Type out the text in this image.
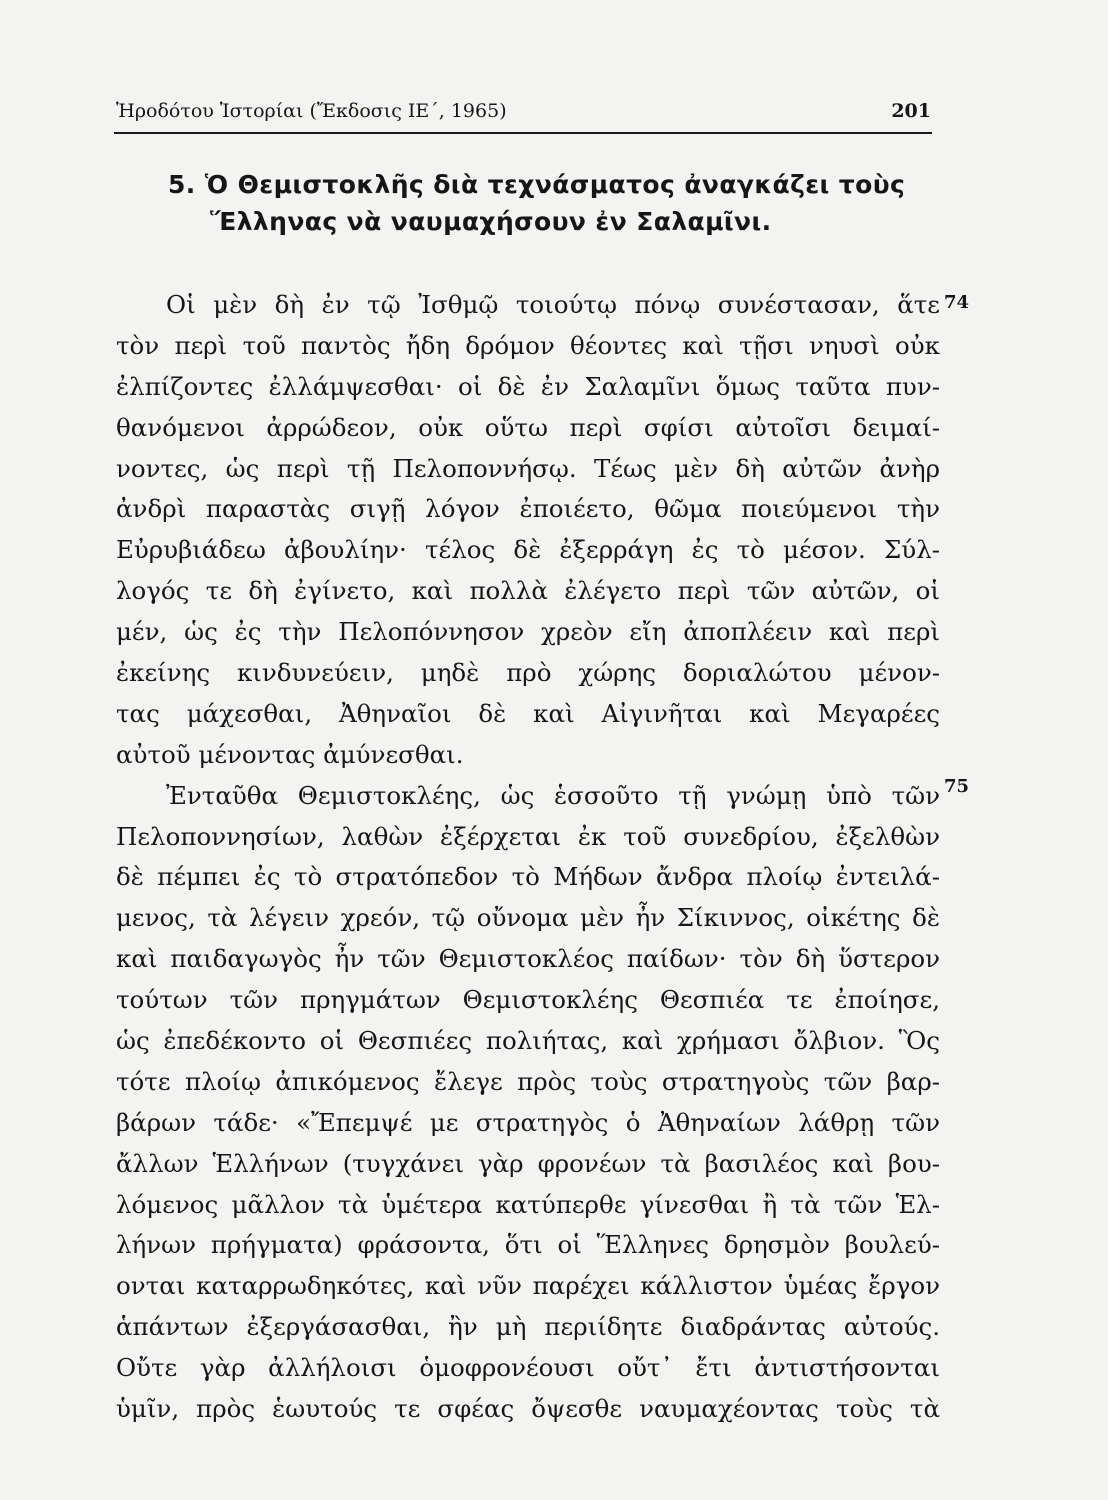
Ἡροδότου Ἱστορίαι (Ἔκδοσις ΙΕ΄, 1965)	201
5. Ὁ Θεμιστοκλῆς διὰ τεχνάσματος ἀναγκάζει τοὺς
Ἕλληνας νὰ ναυμαχήσουν ἐν Σαλαμῖνι.
Οἱ μὲν δὴ ἐν τῷ Ἰσθμῷ τοιούτῳ πόνῳ συνέστασαν, ἅτε
τὸν περὶ τοῦ παντὸς ἤδη δρόμον θέοντες καὶ τῇσι νηυσὶ οὐκ
ἐλπίζοντες ἐλλάμψεσθαι· οἱ δὲ ἐν Σαλαμῖνι ὅμως ταῦτα πυν-
θανόμενοι ἀρρώδεον, οὐκ οὕτω περὶ σφίσι αὐτοῖσι δειμαί-
νοντες, ὡς περὶ τῇ Πελοποννήσῳ. Τέως μὲν δὴ αὐτῶν ἀνὴρ
ἀνδρὶ παραστὰς σιγῇ λόγον ἐποιέετο, θῶμα ποιεύμενοι τὴν
Εὐρυβιάδεω ἀβουλίην· τέλος δὲ ἐξερράγη ἐς τὸ μέσον. Σύλ-
λογός τε δὴ ἐγίνετο, καὶ πολλὰ ἐλέγετο περὶ τῶν αὐτῶν, οἱ
μέν, ὡς ἐς τὴν Πελοπόννησον χρεὸν εἴη ἀποπλέειν καὶ περὶ
ἐκείνης κινδυνεύειν, μηδὲ πρὸ χώρης δοριαλώτου μένον-
τας μάχεσθαι, Ἀθηναῖοι δὲ καὶ Αἰγινῆται καὶ Μεγαρέες
αὐτοῦ μένοντας ἀμύνεσθαι.
Ἐνταῦθα Θεμιστοκλέης, ὡς ἑσσοῦτο τῇ γνώμῃ ὑπὸ τῶν
Πελοποννησίων, λαθὼν ἐξέρχεται ἐκ τοῦ συνεδρίου, ἐξελθὼν
δὲ πέμπει ἐς τὸ στρατόπεδον τὸ Μήδων ἄνδρα πλοίῳ ἐντειλά-
μενος, τὰ λέγειν χρεόν, τῷ οὔνομα μὲν ἦν Σίκιννος, οἰκέτης δὲ
καὶ παιδαγωγὸς ἦν τῶν Θεμιστοκλέος παίδων· τὸν δὴ ὕστερον
τούτων τῶν πρηγμάτων Θεμιστοκλέης Θεσπιέα τε ἐποίησε,
ὡς ἐπεδέκοντο οἱ Θεσπιέες πολιήτας, καὶ χρήμασι ὄλβιον. Ὃς
τότε πλοίῳ ἀπικόμενος ἔλεγε πρὸς τοὺς στρατηγοὺς τῶν βαρ-
βάρων τάδε· «Ἔπεμψέ με στρατηγὸς ὁ Ἀθηναίων λάθρῃ τῶν
ἄλλων Ἑλλήνων (τυγχάνει γὰρ φρονέων τὰ βασιλέος καὶ βου-
λόμενος μᾶλλον τὰ ὑμέτερα κατύπερθε γίνεσθαι ἢ τὰ τῶν Ἑλ-
λήνων πρήγματα) φράσοντα, ὅτι οἱ Ἕλληνες δρησμὸν βουλεύ-
ονται καταρρωδηκότες, καὶ νῦν παρέχει κάλλιστον ὑμέας ἔργον
ἁπάντων ἐξεργάσασθαι, ἢν μὴ περιίδητε διαδράντας αὐτούς.
Οὔτε γὰρ ἀλλήλοισι ὁμοφρονέουσι οὔτ᾿ ἔτι ἀντιστήσονται
ὑμῖν, πρὸς ἑωυτούς τε σφέας ὄψεσθε ναυμαχέοντας τοὺς τὰ
74
75
